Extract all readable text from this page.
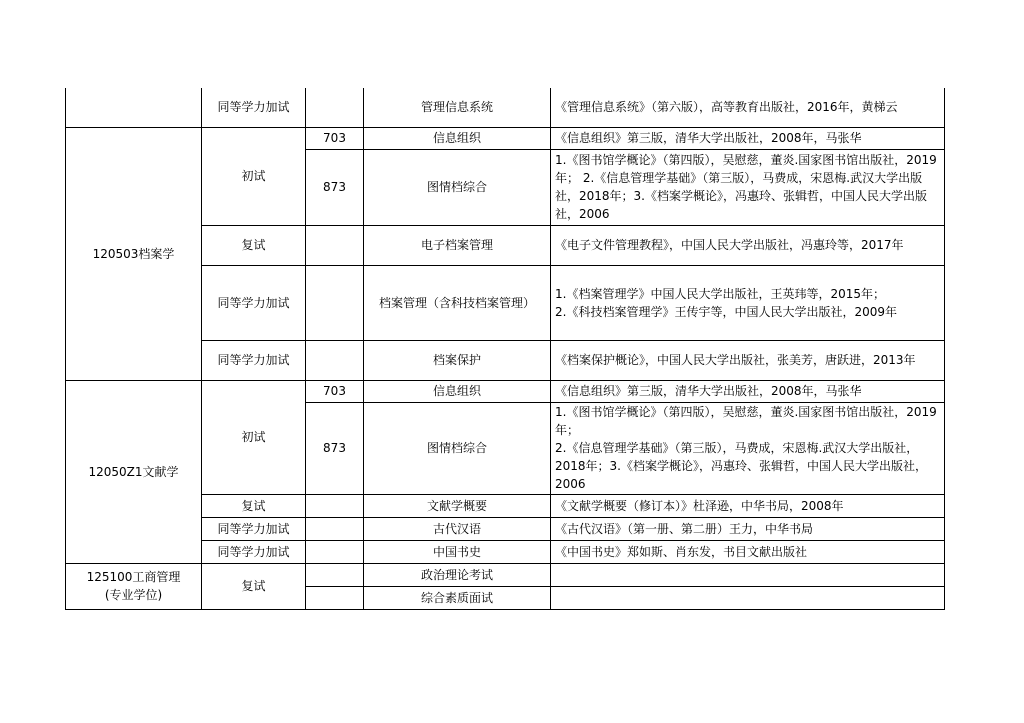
	同等学力加试		管理信息系统	《管理信息系统》（第六版），高等教育出版社，2016年，黄梯云
120503档案学	初试	703	信息组织	《信息组织》第三版，清华大学出版社，2008年，马张华
		873	图情档综合	1.《图书馆学概论》（第四版），吴慰慈，董炎.国家图书馆出版社，2019年； 2.《信息管理学基础》（第三版），马费成，宋恩梅.武汉大学出版社，2018年；3.《档案学概论》，冯惠玲、张辑哲，中国人民大学出版社，2006
	复试		电子档案管理	《电子文件管理教程》，中国人民大学出版社，冯惠玲等，2017年
	同等学力加试		档案管理（含科技档案管理）	1.《档案管理学》中国人民大学出版社，王英玮等，2015年；
2.《科技档案管理学》王传宇等，中国人民大学出版社，2009年

	同等学力加试		档案保护	《档案保护概论》，中国人民大学出版社，张美芳，唐跃进，2013年

12050Z1文献学	初试	703	信息组织	《信息组织》第三版，清华大学出版社，2008年，马张华
		873	图情档综合	1.《图书馆学概论》（第四版），吴慰慈，董炎.国家图书馆出版社，2019年；
2.《信息管理学基础》（第三版），马费成，宋恩梅.武汉大学出版社，2018年；3.《档案学概论》，冯惠玲、张辑哲，中国人民大学出版社，2006

	复试		文献学概要	《文献学概要（修订本）》杜泽逊，中华书局，2008年
	同等学力加试		古代汉语	《古代汉语》（第一册、第二册）王力，中华书局
	同等学力加试		中国书史	《中国书史》郑如斯、肖东发，书目文献出版社

125100工商管理
(专业学位)	复试		政治理论考试	
			综合素质面试	
